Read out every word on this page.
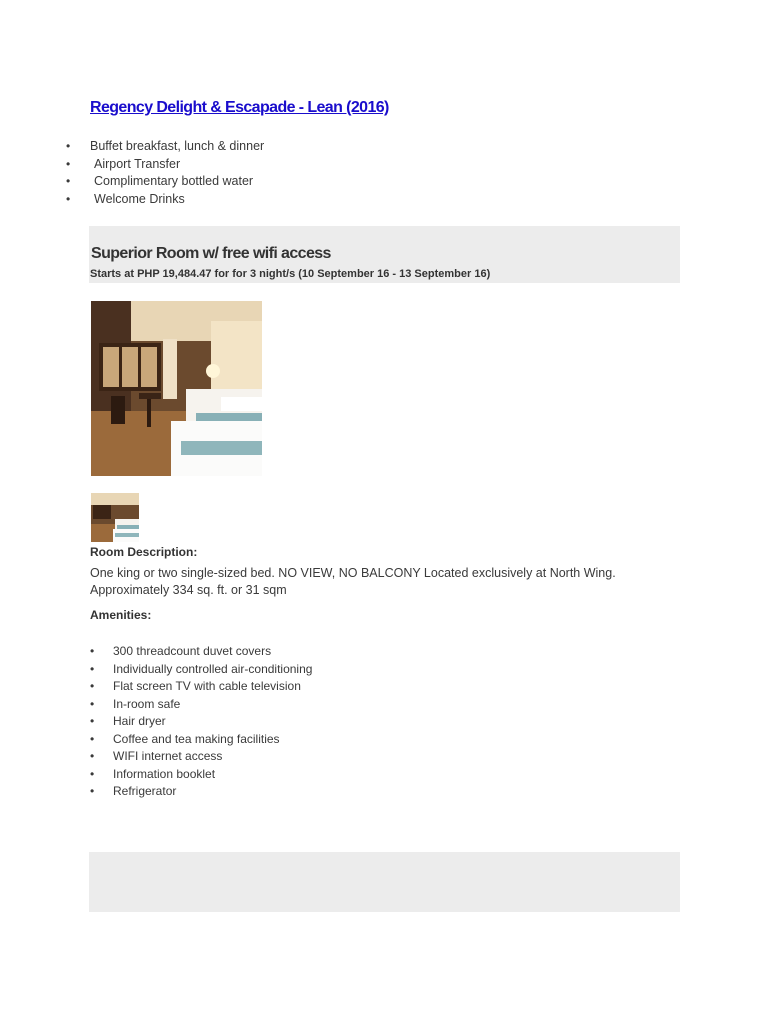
Regency Delight & Escapade - Lean (2016)
• Buffet breakfast, lunch & dinner
• Airport Transfer
• Complimentary bottled water
• Welcome Drinks
Superior Room w/ free wifi access
Starts at PHP 19,484.47 for for 3 night/s (10 September 16 - 13 September 16)
Room Description:
One king or two single-sized bed. NO VIEW, NO BALCONY Located exclusively at North Wing.
Approximately 334 sq. ft. or 31 sqm
Amenities:
• 300 threadcount duvet covers
• Individually controlled air-conditioning
• Flat screen TV with cable television
• In-room safe
• Hair dryer
• Coffee and tea making facilities
• WIFI internet access
• Information booklet
• Refrigerator
